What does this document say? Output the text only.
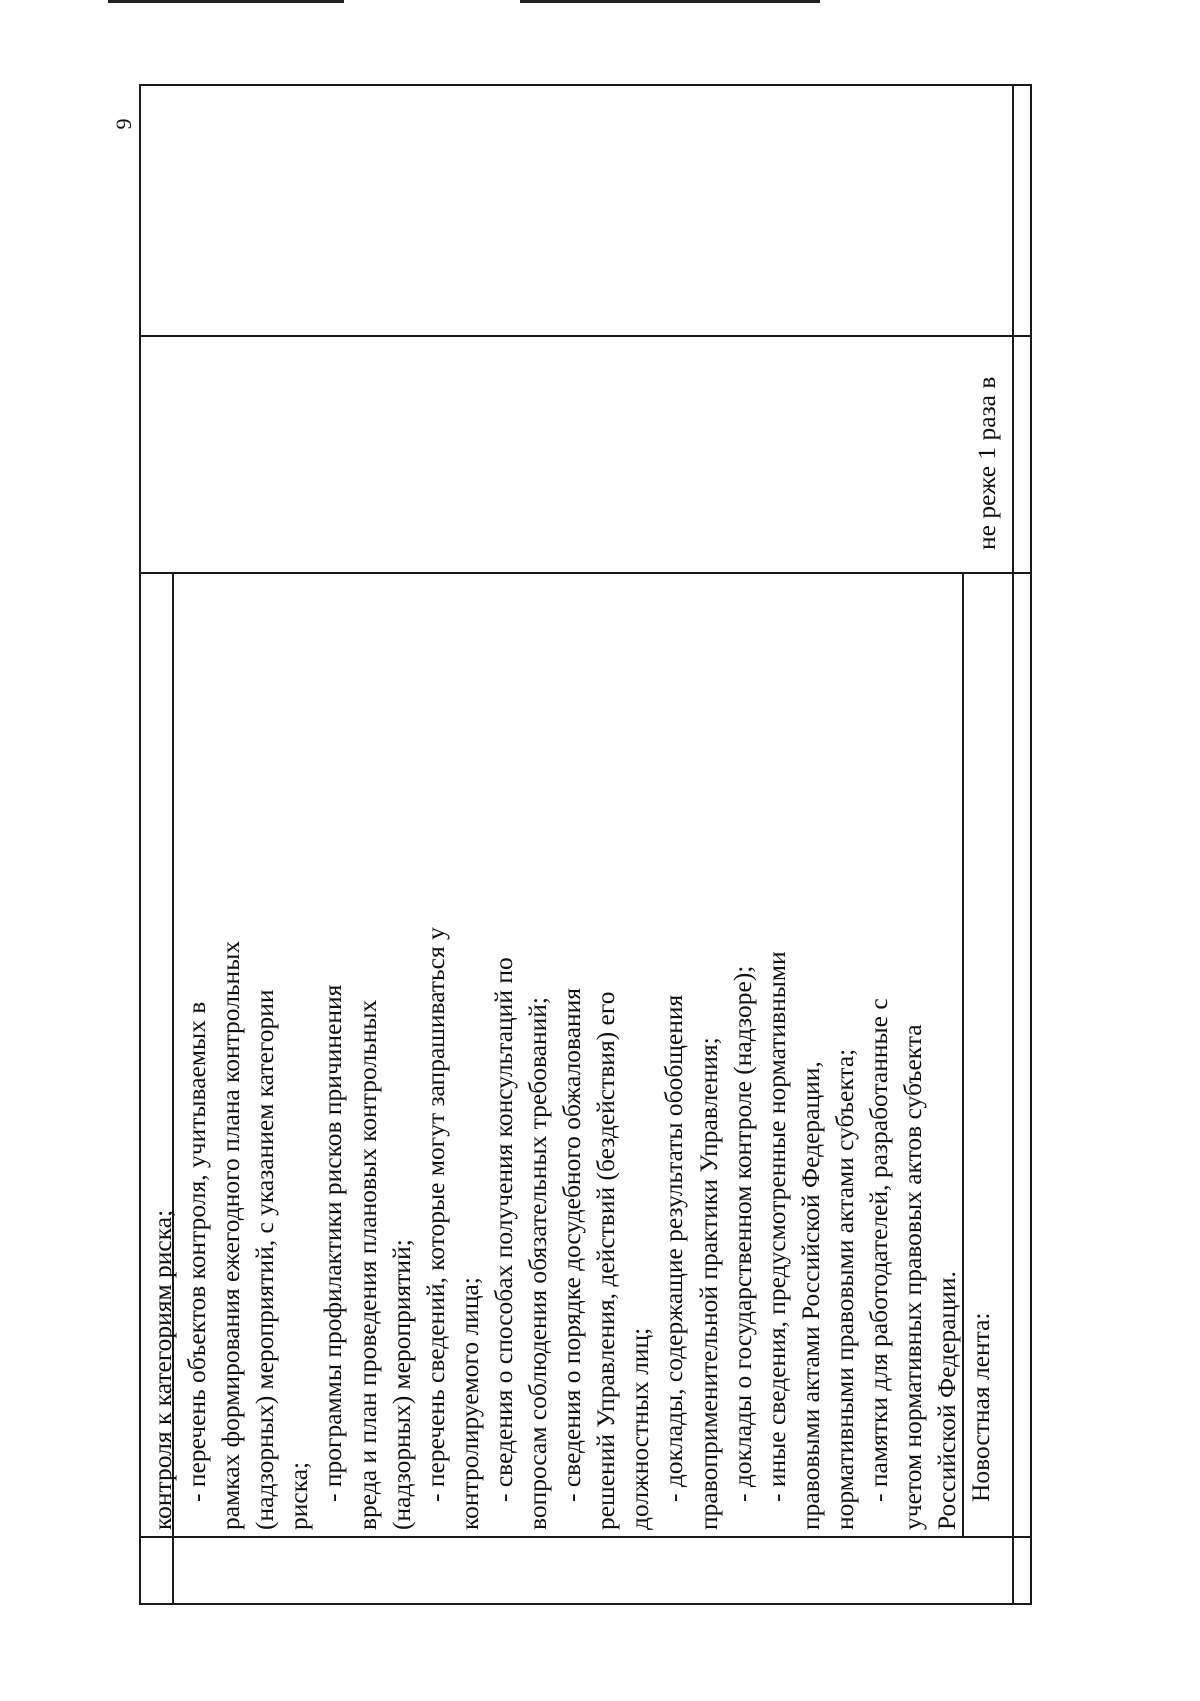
9

контроля к категориям риска; - перечень объектов контроля, учитываемых в рамках формирования ежегодного плана контрольных (надзорных) мероприятий, с указанием категории риска; - программы профилактики рисков причинения вреда и план проведения плановых контрольных (надзорных) мероприятий; - перечень сведений, которые могут запрашиваться у контролируемого лица; - сведения о способах получения консультаций по вопросам соблюдения обязательных требований; - сведения о порядке досудебного обжалования решений Управления, действий (бездействия) его должностных лиц; - доклады, содержащие результаты обобщения правоприменительной практики Управления; - доклады о государственном контроле (надзоре); - иные сведения, предусмотренные нормативными правовыми актами Российской Федерации, нормативными правовыми актами субъекта; - памятки для работодателей, разработанные с учетом нормативных правовых актов субъекта Российской Федерации. Новостная лента:

не реже 1 раза в
